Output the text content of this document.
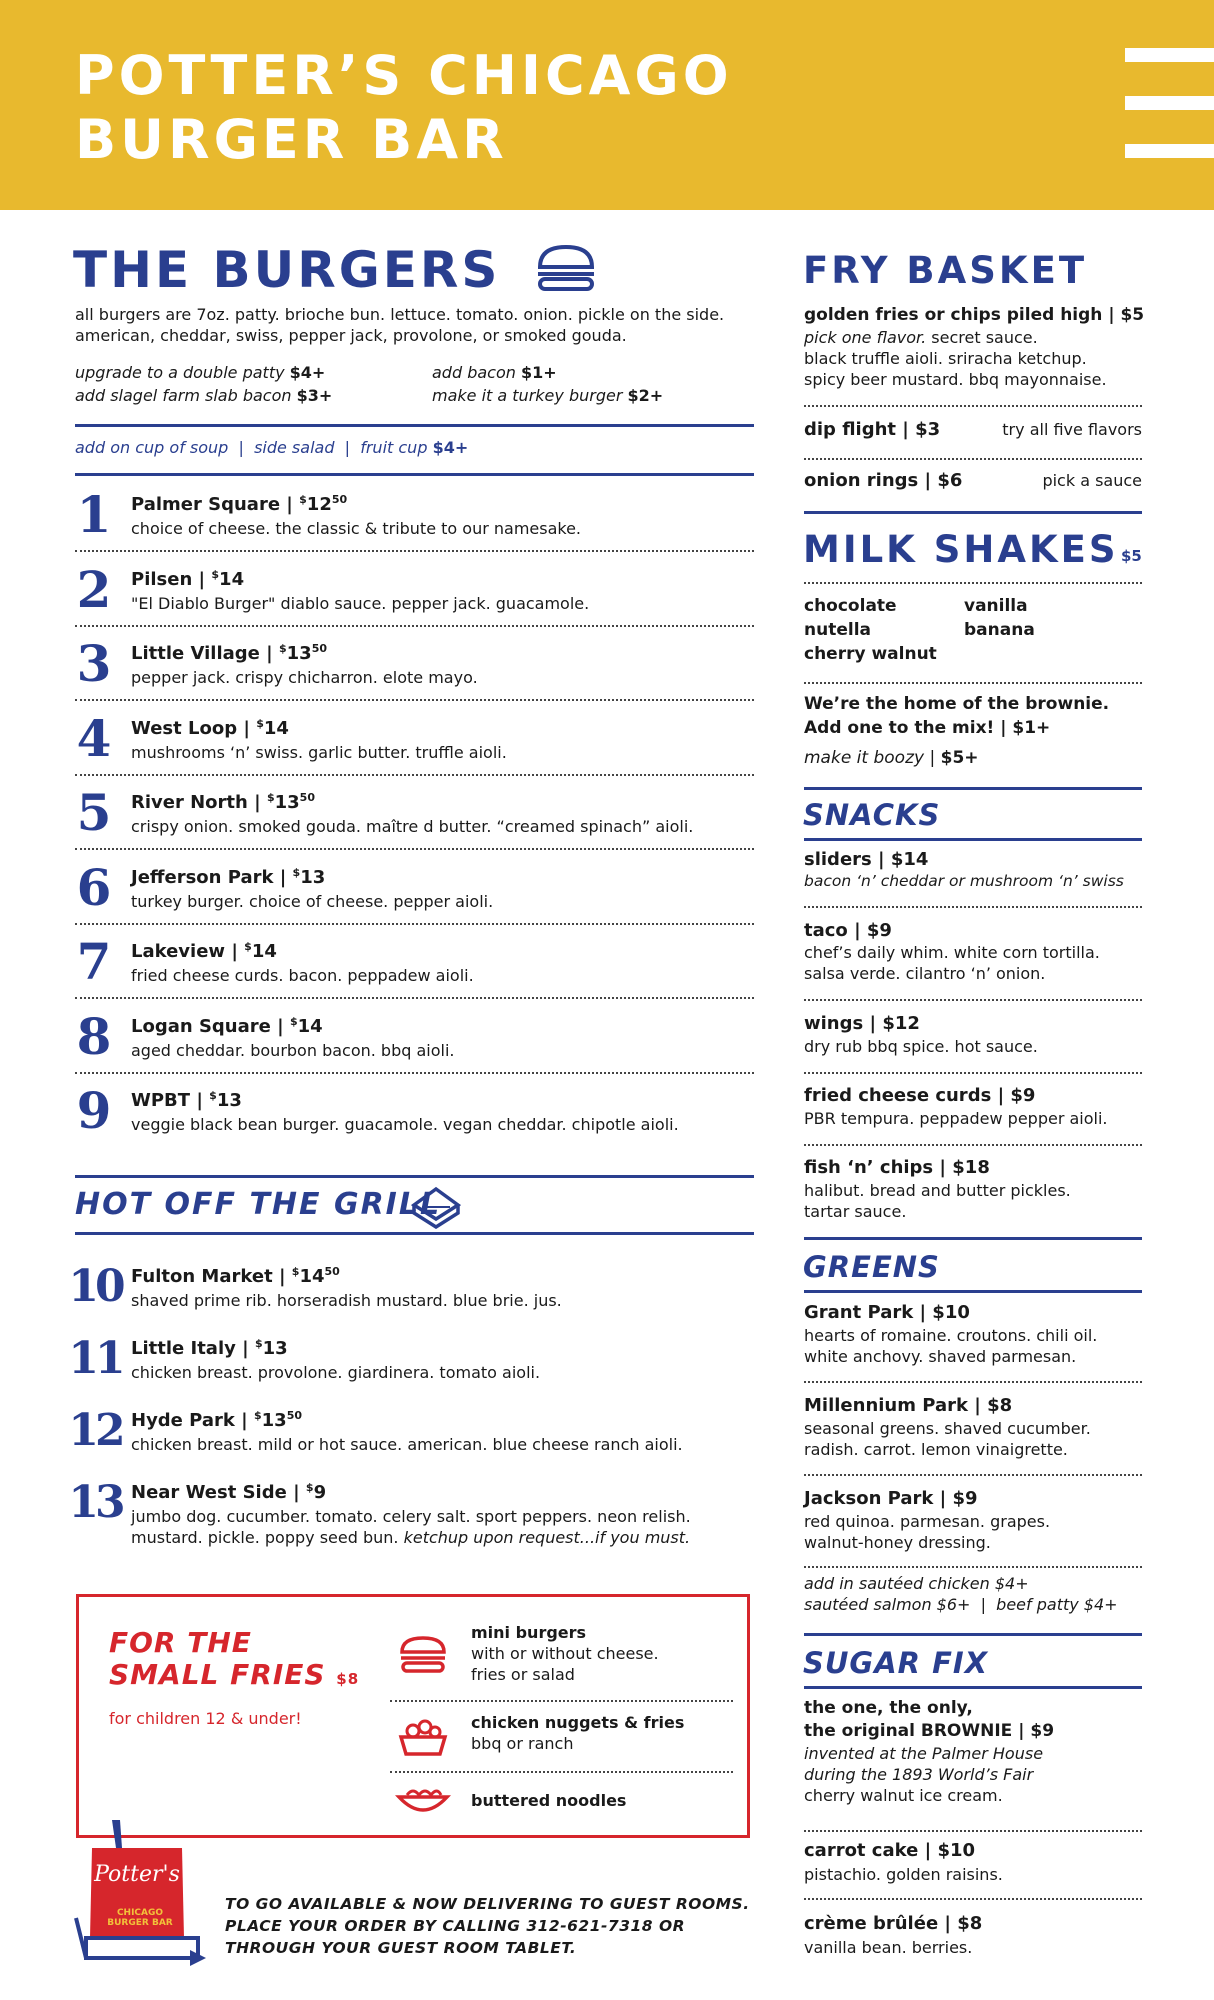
POTTER’S CHICAGO
BURGER BAR
THE BURGERS
all burgers are 7oz. patty. brioche bun. lettuce. tomato. onion. pickle on the side.
american, cheddar, swiss, pepper jack, provolone, or smoked gouda.
upgrade to a double patty $4+
add slagel farm slab bacon $3+
add bacon $1+
make it a turkey burger $2+
add on cup of soup  |  side salad  |  fruit cup $4+
1 Palmer Square | $^{\$}12^{50}$
choice of cheese. the classic & tribute to our namesake.
2 Pilsen | $14
"El Diablo Burger" diablo sauce. pepper jack. guacamole.
3 Little Village | $^{\$}13^{50}$
pepper jack. crispy chicharron. elote mayo.
4 West Loop | $14
mushrooms ‘n’ swiss. garlic butter. truffle aioli.
5 River North | $^{\$}13^{50}$
crispy onion. smoked gouda. maître d butter. “creamed spinach” aioli.
6 Jefferson Park | $13
turkey burger. choice of cheese. pepper aioli.
7 Lakeview | $14
fried cheese curds. bacon. peppadew aioli.
8 Logan Square | $14
aged cheddar. bourbon bacon. bbq aioli.
9 WPBT | $13
veggie black bean burger. guacamole. vegan cheddar. chipotle aioli.
HOT OFF THE GRILL
10 Fulton Market | $^{\$}14^{50}$
shaved prime rib. horseradish mustard. blue brie. jus.
11 Little Italy | $13
chicken breast. provolone. giardinera. tomato aioli.
12 Hyde Park | $^{\$}13^{50}$
chicken breast. mild or hot sauce. american. blue cheese ranch aioli.
13 Near West Side | $9
jumbo dog. cucumber. tomato. celery salt. sport peppers. neon relish.
mustard. pickle. poppy seed bun. ketchup upon request...if you must.
FOR THE
SMALL FRIES $8
for children 12 & under!
mini burgers
with or without cheese.
fries or salad
chicken nuggets & fries
bbq or ranch
buttered noodles
Potter's
CHICAGO
BURGER BAR
TO GO
TO GO AVAILABLE & NOW DELIVERING TO GUEST ROOMS.
PLACE YOUR ORDER BY CALLING 312-621-7318 OR
THROUGH YOUR GUEST ROOM TABLET.
FRY BASKET
golden fries or chips piled high | $5
pick one flavor. secret sauce.
black truffle aioli. sriracha ketchup.
spicy beer mustard. bbq mayonnaise.
dip flight | $3	try all five flavors
onion rings | $6	pick a sauce
MILK SHAKES $5
chocolate
nutella
cherry walnut
vanilla
banana
We’re the home of the brownie.
Add one to the mix! | $1+
make it boozy | $5+
SNACKS
sliders | $14
bacon ‘n’ cheddar or mushroom ‘n’ swiss
taco | $9
chef’s daily whim. white corn tortilla.
salsa verde. cilantro ‘n’ onion.
wings | $12
dry rub bbq spice. hot sauce.
fried cheese curds | $9
PBR tempura. peppadew pepper aioli.
fish ‘n’ chips | $18
halibut. bread and butter pickles.
tartar sauce.
GREENS
Grant Park | $10
hearts of romaine. croutons. chili oil.
white anchovy. shaved parmesan.
Millennium Park | $8
seasonal greens. shaved cucumber.
radish. carrot. lemon vinaigrette.
Jackson Park | $9
red quinoa. parmesan. grapes.
walnut-honey dressing.
add in sautéed chicken $4+
sautéed salmon $6+  |  beef patty $4+
SUGAR FIX
the one, the only,
the original BROWNIE | $9
invented at the Palmer House
during the 1893 World’s Fair
cherry walnut ice cream.
carrot cake | $10
pistachio. golden raisins.
crème brûlée | $8
vanilla bean. berries.
